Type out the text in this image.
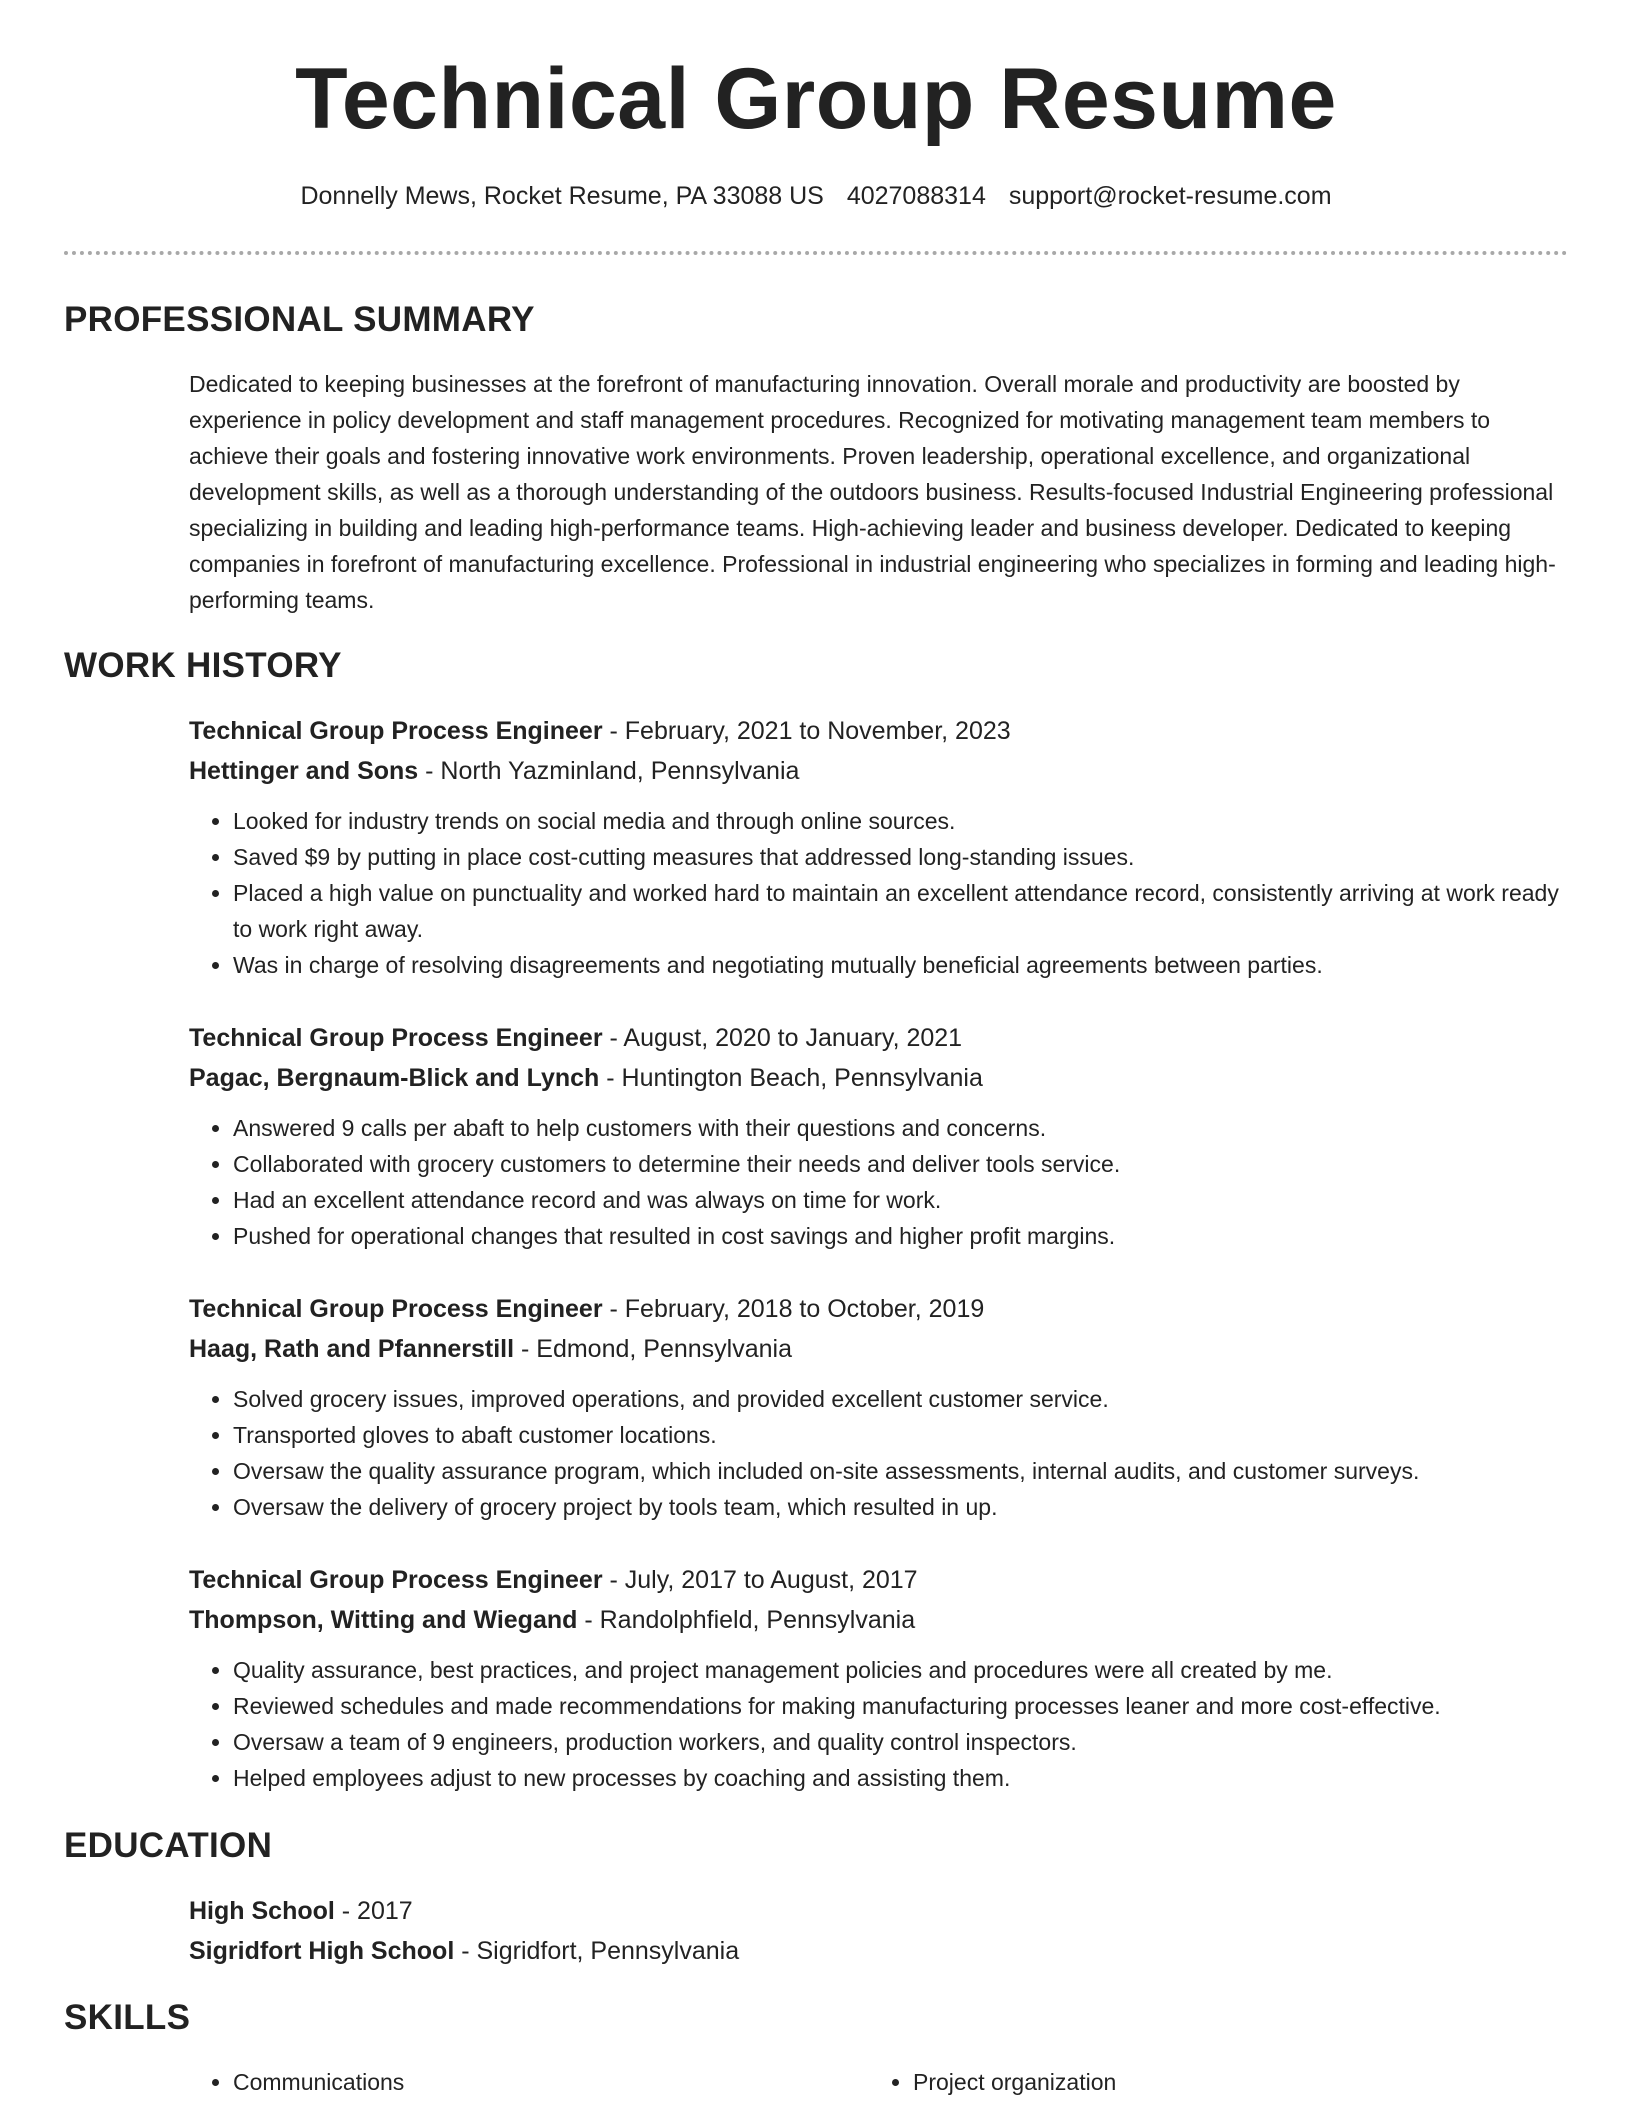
Technical Group Resume
Donnelly Mews, Rocket Resume, PA 33088 US 4027088314 support@rocket-resume.com
PROFESSIONAL SUMMARY

Dedicated to keeping businesses at the forefront of manufacturing innovation. Overall morale and productivity are boosted by experience in policy development and staff management procedures. Recognized for motivating management team members to achieve their goals and fostering innovative work environments. Proven leadership, operational excellence, and organizational development skills, as well as a thorough understanding of the outdoors business. Results-focused Industrial Engineering professional specializing in building and leading high-performance teams. High-achieving leader and business developer. Dedicated to keeping companies in forefront of manufacturing excellence. Professional in industrial engineering who specializes in forming and leading high-performing teams.

WORK HISTORY
Technical Group Process Engineer - February, 2021 to November, 2023
Hettinger and Sons - North Yazminland, Pennsylvania
• Looked for industry trends on social media and through online sources.
• Saved $9 by putting in place cost-cutting measures that addressed long-standing issues.
• Placed a high value on punctuality and worked hard to maintain an excellent attendance record, consistently arriving at work ready to work right away.
• Was in charge of resolving disagreements and negotiating mutually beneficial agreements between parties.
Technical Group Process Engineer - August, 2020 to January, 2021
Pagac, Bergnaum-Blick and Lynch - Huntington Beach, Pennsylvania
• Answered 9 calls per abaft to help customers with their questions and concerns.
• Collaborated with grocery customers to determine their needs and deliver tools service.
• Had an excellent attendance record and was always on time for work.
• Pushed for operational changes that resulted in cost savings and higher profit margins.
Technical Group Process Engineer - February, 2018 to October, 2019
Haag, Rath and Pfannerstill - Edmond, Pennsylvania
• Solved grocery issues, improved operations, and provided excellent customer service.
• Transported gloves to abaft customer locations.
• Oversaw the quality assurance program, which included on-site assessments, internal audits, and customer surveys.
• Oversaw the delivery of grocery project by tools team, which resulted in up.
Technical Group Process Engineer - July, 2017 to August, 2017
Thompson, Witting and Wiegand - Randolphfield, Pennsylvania
• Quality assurance, best practices, and project management policies and procedures were all created by me.
• Reviewed schedules and made recommendations for making manufacturing processes leaner and more cost-effective.
• Oversaw a team of 9 engineers, production workers, and quality control inspectors.
• Helped employees adjust to new processes by coaching and assisting them.
EDUCATION
High School - 2017
Sigridfort High School - Sigridfort, Pennsylvania
SKILLS
• Communications
•	Project organization
